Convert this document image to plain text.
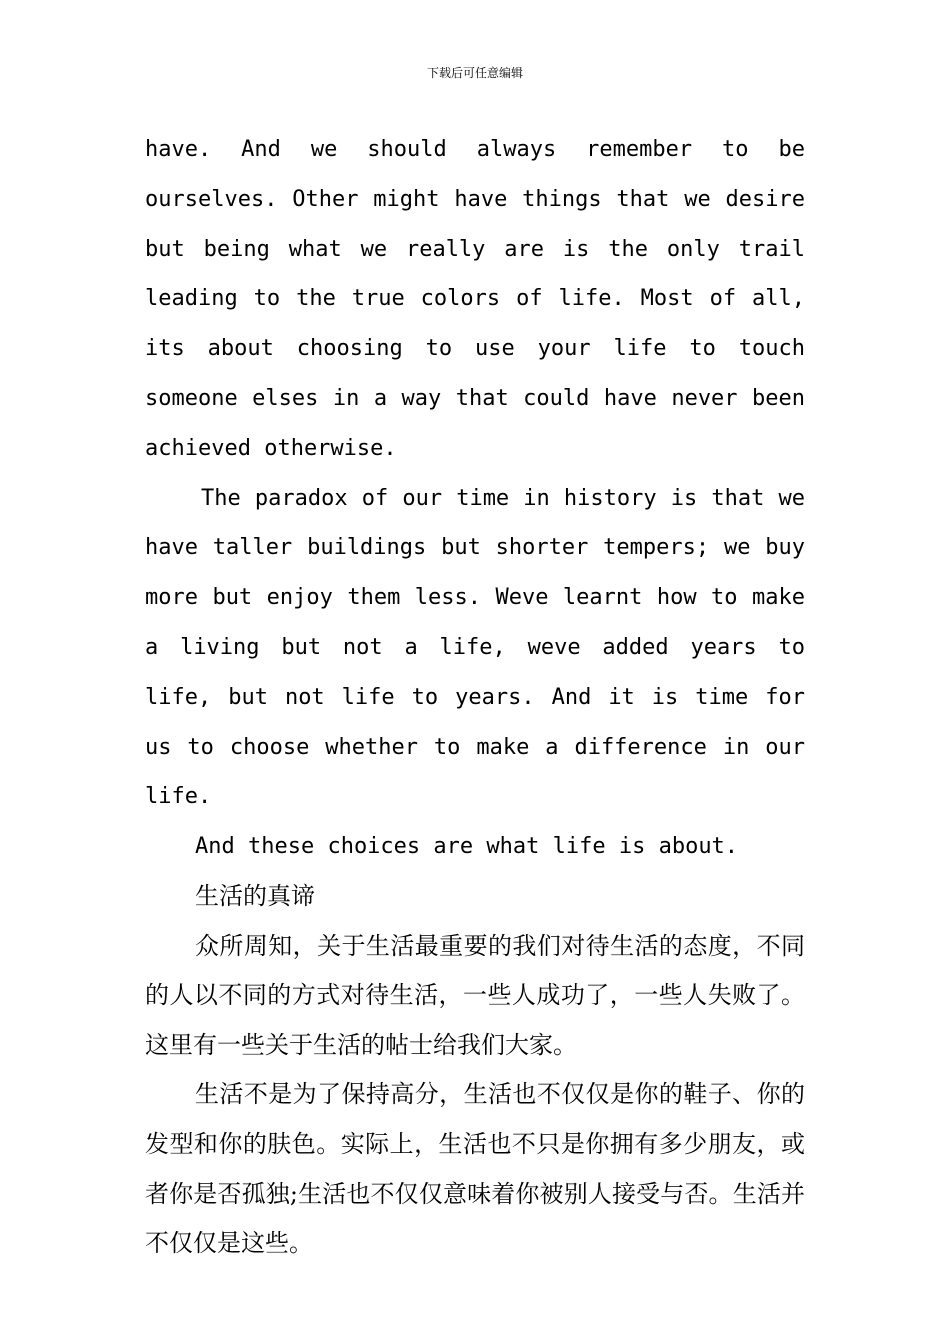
下载后可任意编辑

have. And we should always remember to be ourselves. Other might have things that we desire but being what we really are is the only trail leading to the true colors of life. Most of all, its about choosing to use your life to touch someone elses in a way that could have never been achieved otherwise.

The paradox of our time in history is that we have taller buildings but shorter tempers; we buy more but enjoy them less. Weve learnt how to make a living but not a life, weve added years to life, but not life to years. And it is time for us to choose whether to make a difference in our life.

And these choices are what life is about.

生活的真谛

众所周知，关于生活最重要的我们对待生活的态度，不同的人以不同的方式对待生活，一些人成功了，一些人失败了。这里有一些关于生活的帖士给我们大家。

生活不是为了保持高分，生活也不仅仅是你的鞋子、你的发型和你的肤色。实际上，生活也不只是你拥有多少朋友，或者你是否孤独;生活也不仅仅意味着你被别人接受与否。生活并不仅仅是这些。
